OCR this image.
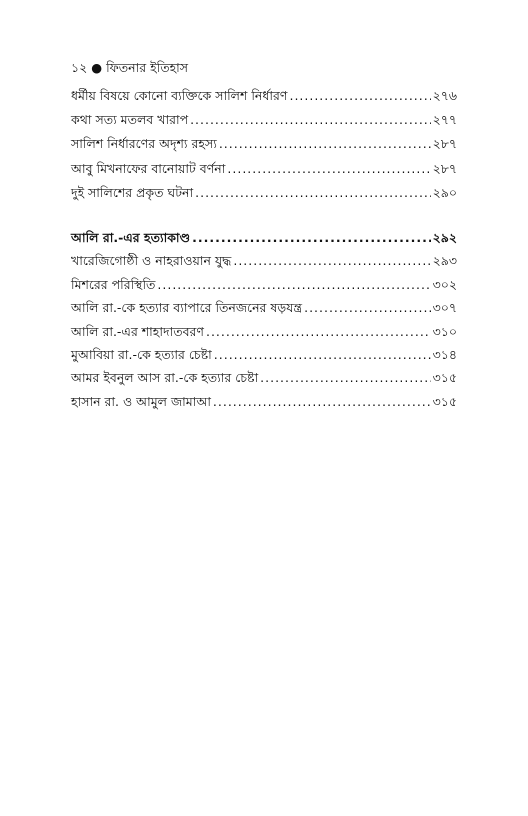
১২ ● ফিতনার ইতিহাস
ধর্মীয় বিষয়ে কোনো ব্যক্তিকে সালিশ নির্ধারণ .....	২৭৬
কথা সত্য মতলব খারাপ .....	২৭৭
সালিশ নির্ধারণের অদৃশ্য রহস্য .....	২৮৭
আবু মিখনাফের বানোয়াট বর্ণনা .....	২৮৭
দুই সালিশের প্রকৃত ঘটনা .....	২৯০
আলি রা.-এর হত্যাকাণ্ড .....	২৯২
খারেজিগোষ্ঠী ও নাহরাওয়ান যুদ্ধ .....	২৯৩
মিশরের পরিস্থিতি .....	৩০২
আলি রা.-কে হত্যার ব্যাপারে তিনজনের ষড়যন্ত্র .....	৩০৭
আলি রা.-এর শাহাদাতবরণ .....	৩১০
মুআবিয়া রা.-কে হত্যার চেষ্টা .....	৩১৪
আমর ইবনুল আস রা.-কে হত্যার চেষ্টা .....	৩১৫
হাসান রা. ও আমুল জামাআ .....	৩১৫
